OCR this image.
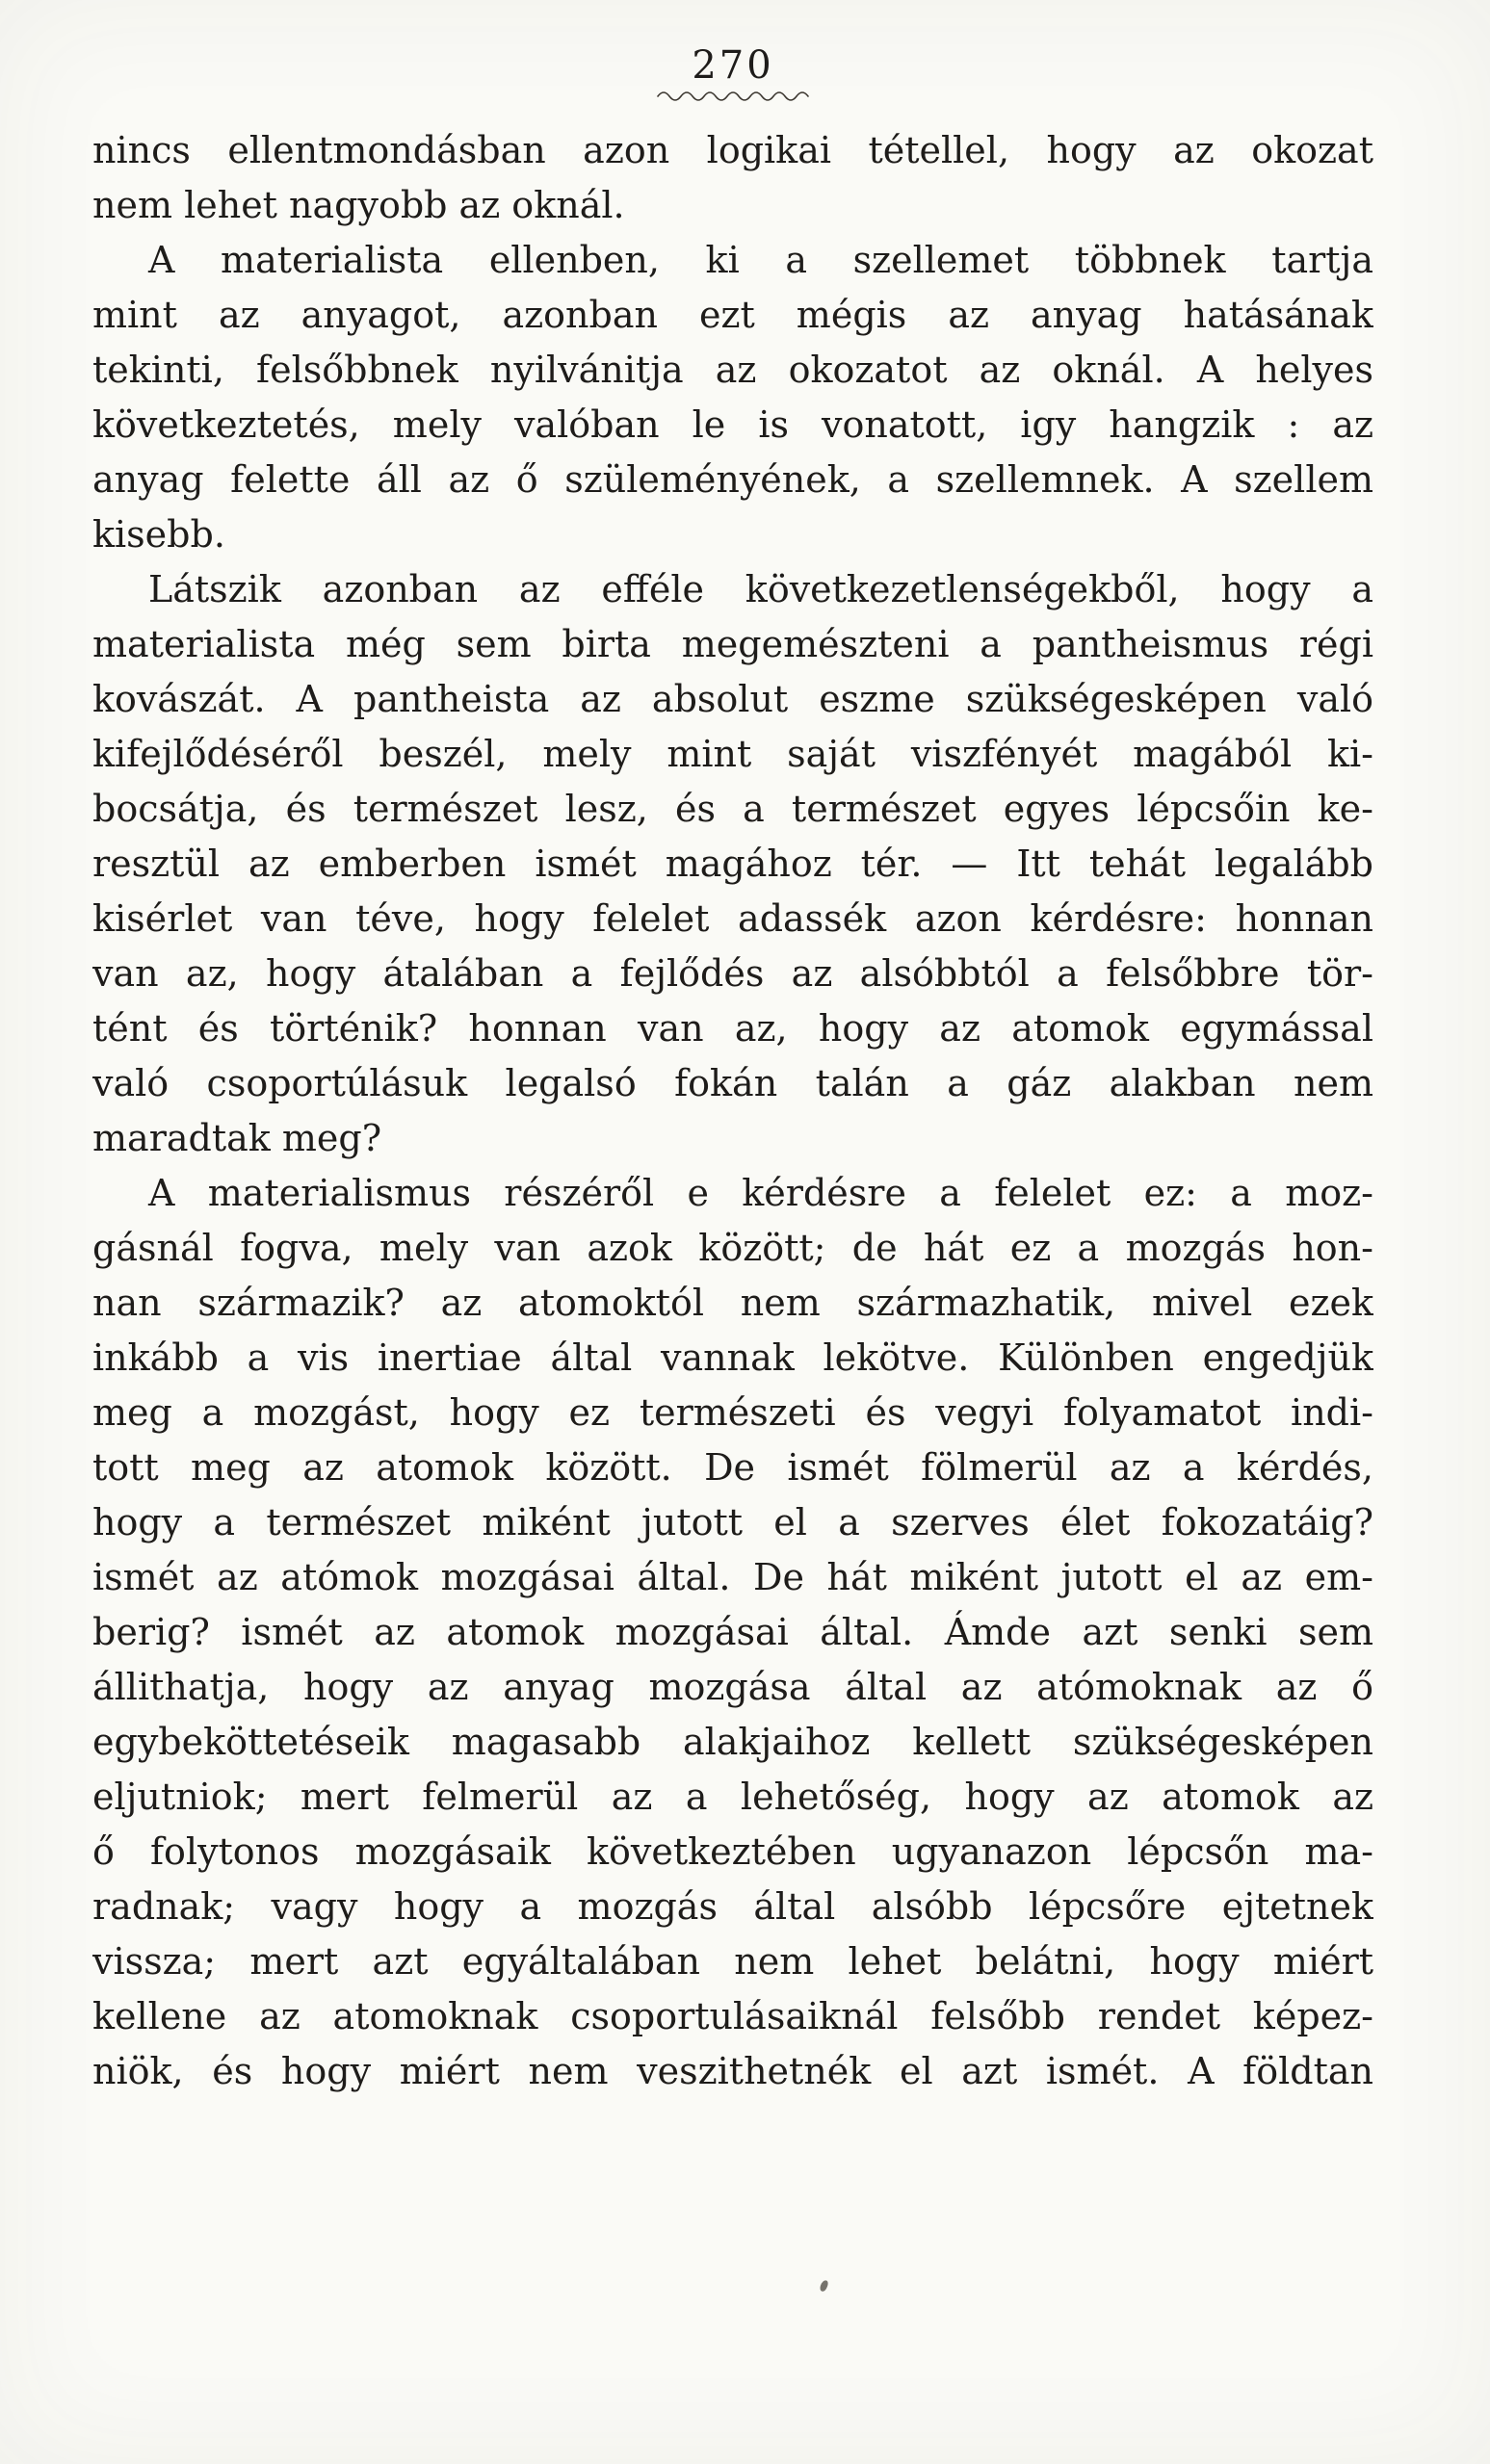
270
nincs ellentmondásban azon logikai tétellel, hogy az okozat
nem lehet nagyobb az oknál.
A materialista ellenben, ki a szellemet többnek tartja
mint az anyagot, azonban ezt mégis az anyag hatásának
tekinti, felsőbbnek nyilvánitja az okozatot az oknál. A helyes
következtetés, mely valóban le is vonatott, igy hangzik : az
anyag felette áll az ő szüleményének, a szellemnek. A szellem
kisebb.
Látszik azonban az efféle következetlenségekből, hogy a
materialista még sem birta megemészteni a pantheismus régi
kovászát. A pantheista az absolut eszme szükségesképen való
kifejlődéséről beszél, mely mint saját viszfényét magából ki-
bocsátja, és természet lesz, és a természet egyes lépcsőin ke-
resztül az emberben ismét magához tér. — Itt tehát legalább
kisérlet van téve, hogy felelet adassék azon kérdésre: honnan
van az, hogy átalában a fejlődés az alsóbbtól a felsőbbre tör-
tént és történik? honnan van az, hogy az atomok egymással
való csoportúlásuk legalsó fokán talán a gáz alakban nem
maradtak meg?
A materialismus részéről e kérdésre a felelet ez: a moz-
gásnál fogva, mely van azok között; de hát ez a mozgás hon-
nan származik? az atomoktól nem származhatik, mivel ezek
inkább a vis inertiae által vannak lekötve. Különben engedjük
meg a mozgást, hogy ez természeti és vegyi folyamatot indi-
tott meg az atomok között. De ismét fölmerül az a kérdés,
hogy a természet miként jutott el a szerves élet fokozatáig?
ismét az atómok mozgásai által. De hát miként jutott el az em-
berig? ismét az atomok mozgásai által. Ámde azt senki sem
állithatja, hogy az anyag mozgása által az atómoknak az ő
egybeköttetéseik magasabb alakjaihoz kellett szükségesképen
eljutniok; mert felmerül az a lehetőség, hogy az atomok az
ő folytonos mozgásaik következtében ugyanazon lépcsőn ma-
radnak; vagy hogy a mozgás által alsóbb lépcsőre ejtetnek
vissza; mert azt egyáltalában nem lehet belátni, hogy miért
kellene az atomoknak csoportulásaiknál felsőbb rendet képez-
niök, és hogy miért nem veszithetnék el azt ismét. A földtan
